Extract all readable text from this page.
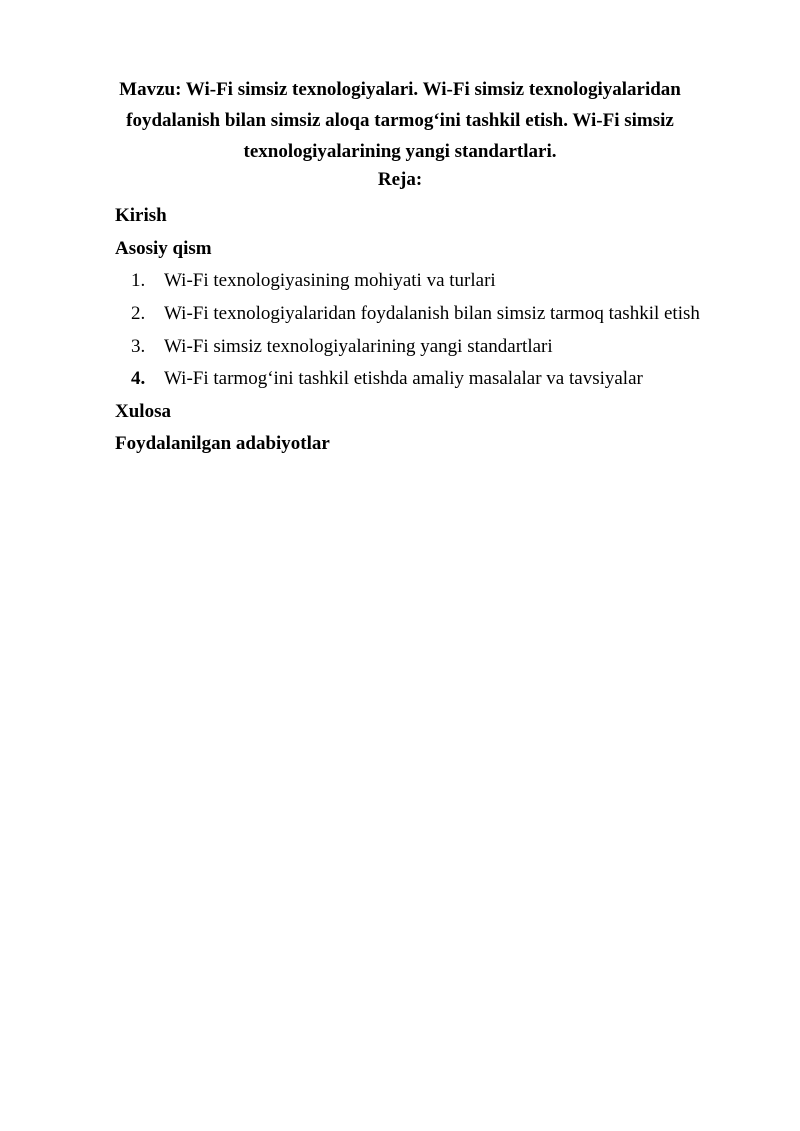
Mavzu: Wi-Fi simsiz texnologiyalari. Wi-Fi simsiz texnologiyalaridan
foydalanish bilan simsiz aloqa tarmog‘ini tashkil etish. Wi-Fi simsiz
texnologiyalarining yangi standartlari.
Reja:
Kirish
Asosiy qism
1. Wi-Fi texnologiyasining mohiyati va turlari
2. Wi-Fi texnologiyalaridan foydalanish bilan simsiz tarmoq tashkil etish
3. Wi-Fi simsiz texnologiyalarining yangi standartlari
4. Wi-Fi tarmog‘ini tashkil etishda amaliy masalalar va tavsiyalar
Xulosa
Foydalanilgan adabiyotlar
